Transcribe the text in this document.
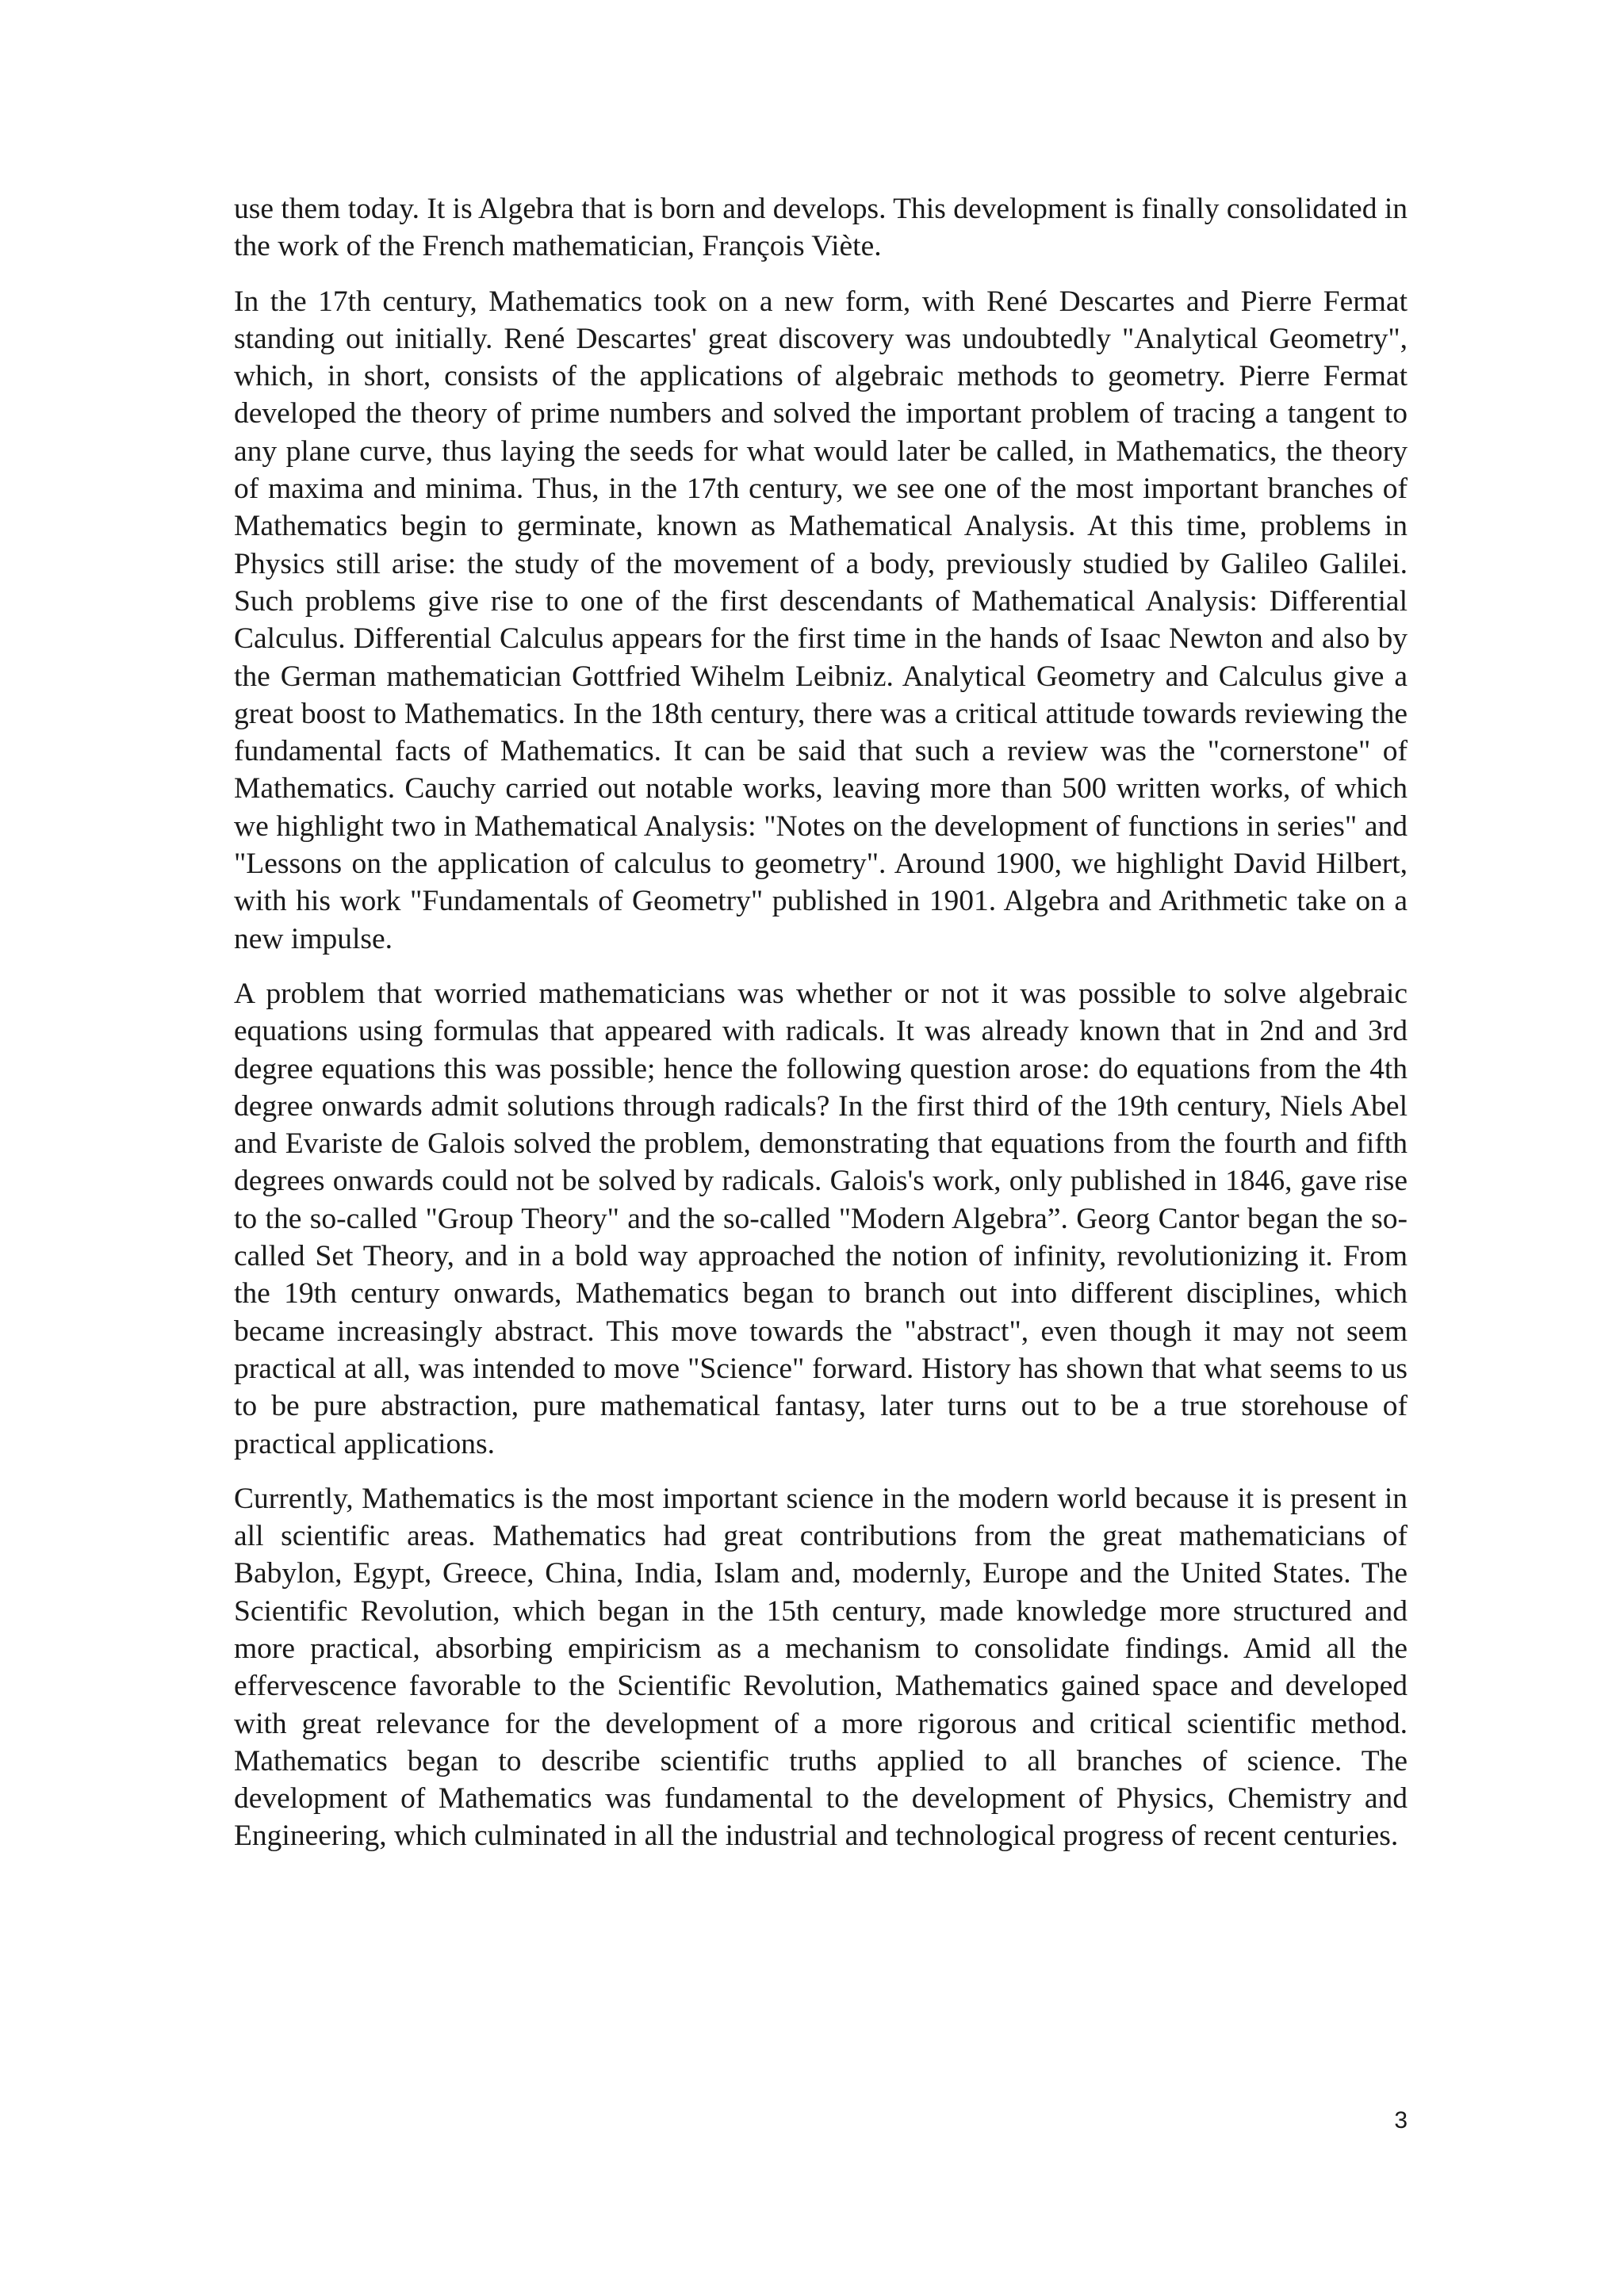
use them today. It is Algebra that is born and develops. This development is finally consolidated in the work of the French mathematician, François Viète.

In the 17th century, Mathematics took on a new form, with René Descartes and Pierre Fermat standing out initially. René Descartes' great discovery was undoubtedly "Analytical Geometry", which, in short, consists of the applications of algebraic methods to geometry. Pierre Fermat developed the theory of prime numbers and solved the important problem of tracing a tangent to any plane curve, thus laying the seeds for what would later be called, in Mathematics, the theory of maxima and minima. Thus, in the 17th century, we see one of the most important branches of Mathematics begin to germinate, known as Mathematical Analysis. At this time, problems in Physics still arise: the study of the movement of a body, previously studied by Galileo Galilei. Such problems give rise to one of the first descendants of Mathematical Analysis: Differential Calculus. Differential Calculus appears for the first time in the hands of Isaac Newton and also by the German mathematician Gottfried Wihelm Leibniz. Analytical Geometry and Calculus give a great boost to Mathematics. In the 18th century, there was a critical attitude towards reviewing the fundamental facts of Mathematics. It can be said that such a review was the "cornerstone" of Mathematics. Cauchy carried out notable works, leaving more than 500 written works, of which we highlight two in Mathematical Analysis: "Notes on the development of functions in series" and "Lessons on the application of calculus to geometry". Around 1900, we highlight David Hilbert, with his work "Fundamentals of Geometry" published in 1901. Algebra and Arithmetic take on a new impulse.

A problem that worried mathematicians was whether or not it was possible to solve algebraic equations using formulas that appeared with radicals. It was already known that in 2nd and 3rd degree equations this was possible; hence the following question arose: do equations from the 4th degree onwards admit solutions through radicals? In the first third of the 19th century, Niels Abel and Evariste de Galois solved the problem, demonstrating that equations from the fourth and fifth degrees onwards could not be solved by radicals. Galois's work, only published in 1846, gave rise to the so-called "Group Theory" and the so-called "Modern Algebra”. Georg Cantor began the so-called Set Theory, and in a bold way approached the notion of infinity, revolutionizing it. From the 19th century onwards, Mathematics began to branch out into different disciplines, which became increasingly abstract. This move towards the "abstract", even though it may not seem practical at all, was intended to move "Science" forward. History has shown that what seems to us to be pure abstraction, pure mathematical fantasy, later turns out to be a true storehouse of practical applications.

Currently, Mathematics is the most important science in the modern world because it is present in all scientific areas. Mathematics had great contributions from the great mathematicians of Babylon, Egypt, Greece, China, India, Islam and, modernly, Europe and the United States. The Scientific Revolution, which began in the 15th century, made knowledge more structured and more practical, absorbing empiricism as a mechanism to consolidate findings. Amid all the effervescence favorable to the Scientific Revolution, Mathematics gained space and developed with great relevance for the development of a more rigorous and critical scientific method. Mathematics began to describe scientific truths applied to all branches of science. The development of Mathematics was fundamental to the development of Physics, Chemistry and Engineering, which culminated in all the industrial and technological progress of recent centuries.

3
